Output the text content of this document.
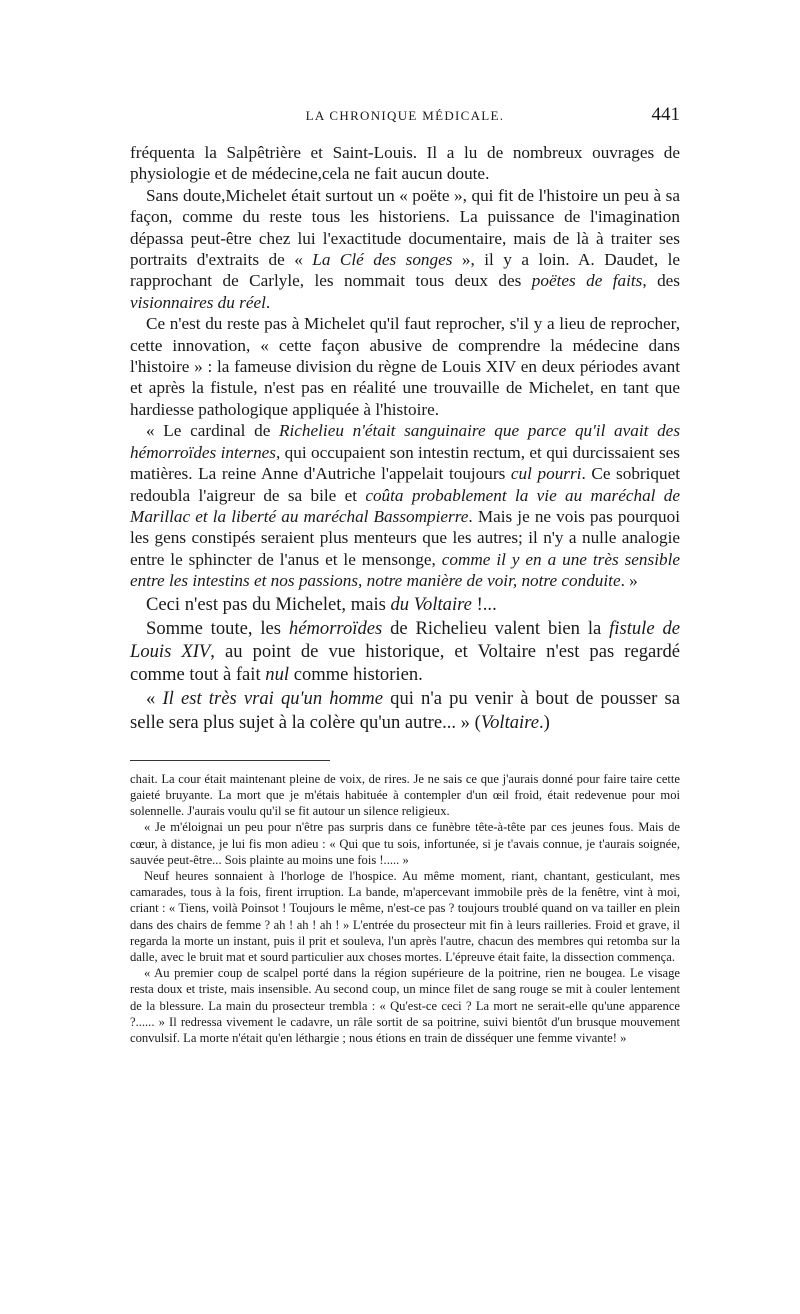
LA CHRONIQUE MÉDICALE.	441

fréquenta la Salpêtrière et Saint-Louis. Il a lu de nombreux ouvrages de physiologie et de médecine,cela ne fait aucun doute.

Sans doute,Michelet était surtout un « poëte », qui fit de l'histoire un peu à sa façon, comme du reste tous les historiens. La puissance de l'imagination dépassa peut-être chez lui l'exactitude documentaire, mais de là à traiter ses portraits d'extraits de « La Clé des songes », il y a loin. A. Daudet, le rapprochant de Carlyle, les nommait tous deux des poëtes de faits, des visionnaires du réel.

Ce n'est du reste pas à Michelet qu'il faut reprocher, s'il y a lieu de reprocher, cette innovation, « cette façon abusive de comprendre la médecine dans l'histoire » : la fameuse division du règne de Louis XIV en deux périodes avant et après la fistule, n'est pas en réalité une trouvaille de Michelet, en tant que hardiesse pathologique appliquée à l'histoire.

« Le cardinal de Richelieu n'était sanguinaire que parce qu'il avait des hémorroïdes internes, qui occupaient son intestin rectum, et qui durcissaient ses matières. La reine Anne d'Autriche l'appelait toujours cul pourri. Ce sobriquet redoubla l'aigreur de sa bile et coûta probablement la vie au maréchal de Marillac et la liberté au maréchal Bassompierre. Mais je ne vois pas pourquoi les gens constipés seraient plus menteurs que les autres; il n'y a nulle analogie entre le sphincter de l'anus et le mensonge, comme il y en a une très sensible entre les intestins et nos passions, notre manière de voir, notre conduite. »

Ceci n'est pas du Michelet, mais du Voltaire !...

Somme toute, les hémorroïdes de Richelieu valent bien la fistule de Louis XIV, au point de vue historique, et Voltaire n'est pas regardé comme tout à fait nul comme historien.

« Il est très vrai qu'un homme qui n'a pu venir à bout de pousser sa selle sera plus sujet à la colère qu'un autre... » (Voltaire.)

chait. La cour était maintenant pleine de voix, de rires. Je ne sais ce que j'aurais donné pour faire taire cette gaieté bruyante. La mort que je m'étais habituée à contempler d'un œil froid, était redevenue pour moi solennelle. J'aurais voulu qu'il se fit autour un silence religieux.

« Je m'éloignai un peu pour n'être pas surpris dans ce funèbre tête-à-tête par ces jeunes fous. Mais de cœur, à distance, je lui fis mon adieu : « Qui que tu sois, infortunée, si je t'avais connue, je t'aurais soignée, sauvée peut-être... Sois plainte au moins une fois !..... »

Neuf heures sonnaient à l'horloge de l'hospice. Au même moment, riant, chantant, gesticulant, mes camarades, tous à la fois, firent irruption. La bande, m'apercevant immobile près de la fenêtre, vint à moi, criant : « Tiens, voilà Poinsot ! Toujours le même, n'est-ce pas ? toujours troublé quand on va tailler en plein dans des chairs de femme ? ah ! ah ! ah ! » L'entrée du prosecteur mit fin à leurs railleries. Froid et grave, il regarda la morte un instant, puis il prit et souleva, l'un après l'autre, chacun des membres qui retomba sur la dalle, avec le bruit mat et sourd particulier aux choses mortes. L'épreuve était faite, la dissection commença.

« Au premier coup de scalpel porté dans la région supérieure de la poitrine, rien ne bougea. Le visage resta doux et triste, mais insensible. Au second coup, un mince filet de sang rouge se mit à couler lentement de la blessure. La main du prosecteur trembla : « Qu'est-ce ceci ? La mort ne serait-elle qu'une apparence ?...... » Il redressa vivement le cadavre, un râle sortit de sa poitrine, suivi bientôt d'un brusque mouvement convulsif. La morte n'était qu'en léthargie ; nous étions en train de disséquer une femme vivante! »
